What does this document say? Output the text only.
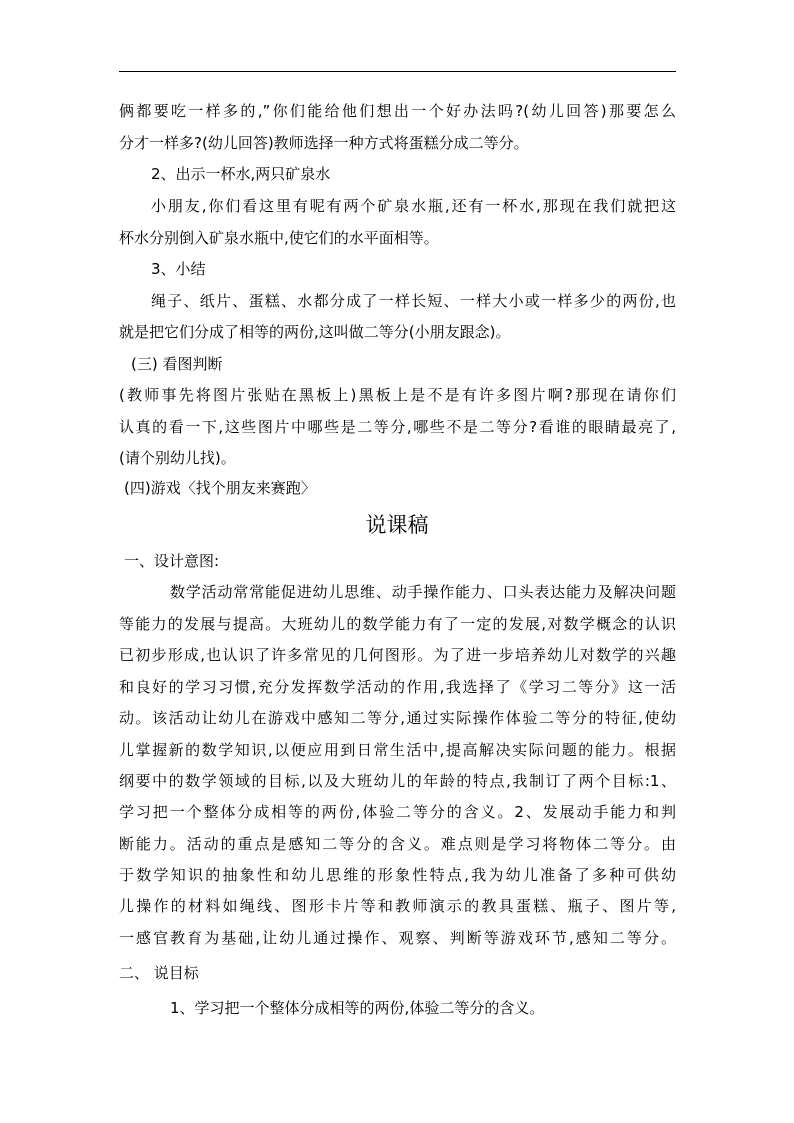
俩都要吃一样多的,”你们能给他们想出一个好办法吗?(幼儿回答)那要怎么
分才一样多?(幼儿回答)教师选择一种方式将蛋糕分成二等分。
2、出示一杯水,两只矿泉水
小朋友,你们看这里有呢有两个矿泉水瓶,还有一杯水,那现在我们就把这
杯水分别倒入矿泉水瓶中,使它们的水平面相等。
3、小结
绳子、纸片、蛋糕、水都分成了一样长短、一样大小或一样多少的两份,也
就是把它们分成了相等的两份,这叫做二等分(小朋友跟念)。
(三) 看图判断
(教师事先将图片张贴在黑板上)黑板上是不是有许多图片啊?那现在请你们
认真的看一下,这些图片中哪些是二等分,哪些不是二等分?看谁的眼睛最亮了,
(请个别幼儿找)。
(四)游戏〈找个朋友来赛跑〉
说课稿
一、设计意图:
数学活动常常能促进幼儿思维、动手操作能力、口头表达能力及解决问题
等能力的发展与提高。大班幼儿的数学能力有了一定的发展,对数学概念的认识
已初步形成,也认识了许多常见的几何图形。为了进一步培养幼儿对数学的兴趣
和良好的学习习惯,充分发挥数学活动的作用,我选择了《学习二等分》这一活
动。该活动让幼儿在游戏中感知二等分,通过实际操作体验二等分的特征,使幼
儿掌握新的数学知识,以便应用到日常生活中,提高解决实际问题的能力。根据
纲要中的数学领域的目标,以及大班幼儿的年龄的特点,我制订了两个目标:1、
学习把一个整体分成相等的两份,体验二等分的含义。2、发展动手能力和判
断能力。活动的重点是感知二等分的含义。难点则是学习将物体二等分。由
于数学知识的抽象性和幼儿思维的形象性特点,我为幼儿准备了多种可供幼
儿操作的材料如绳线、图形卡片等和教师演示的教具蛋糕、瓶子、图片等,
一感官教育为基础,让幼儿通过操作、观察、判断等游戏环节,感知二等分。
二、 说目标
1、学习把一个整体分成相等的两份,体验二等分的含义。
